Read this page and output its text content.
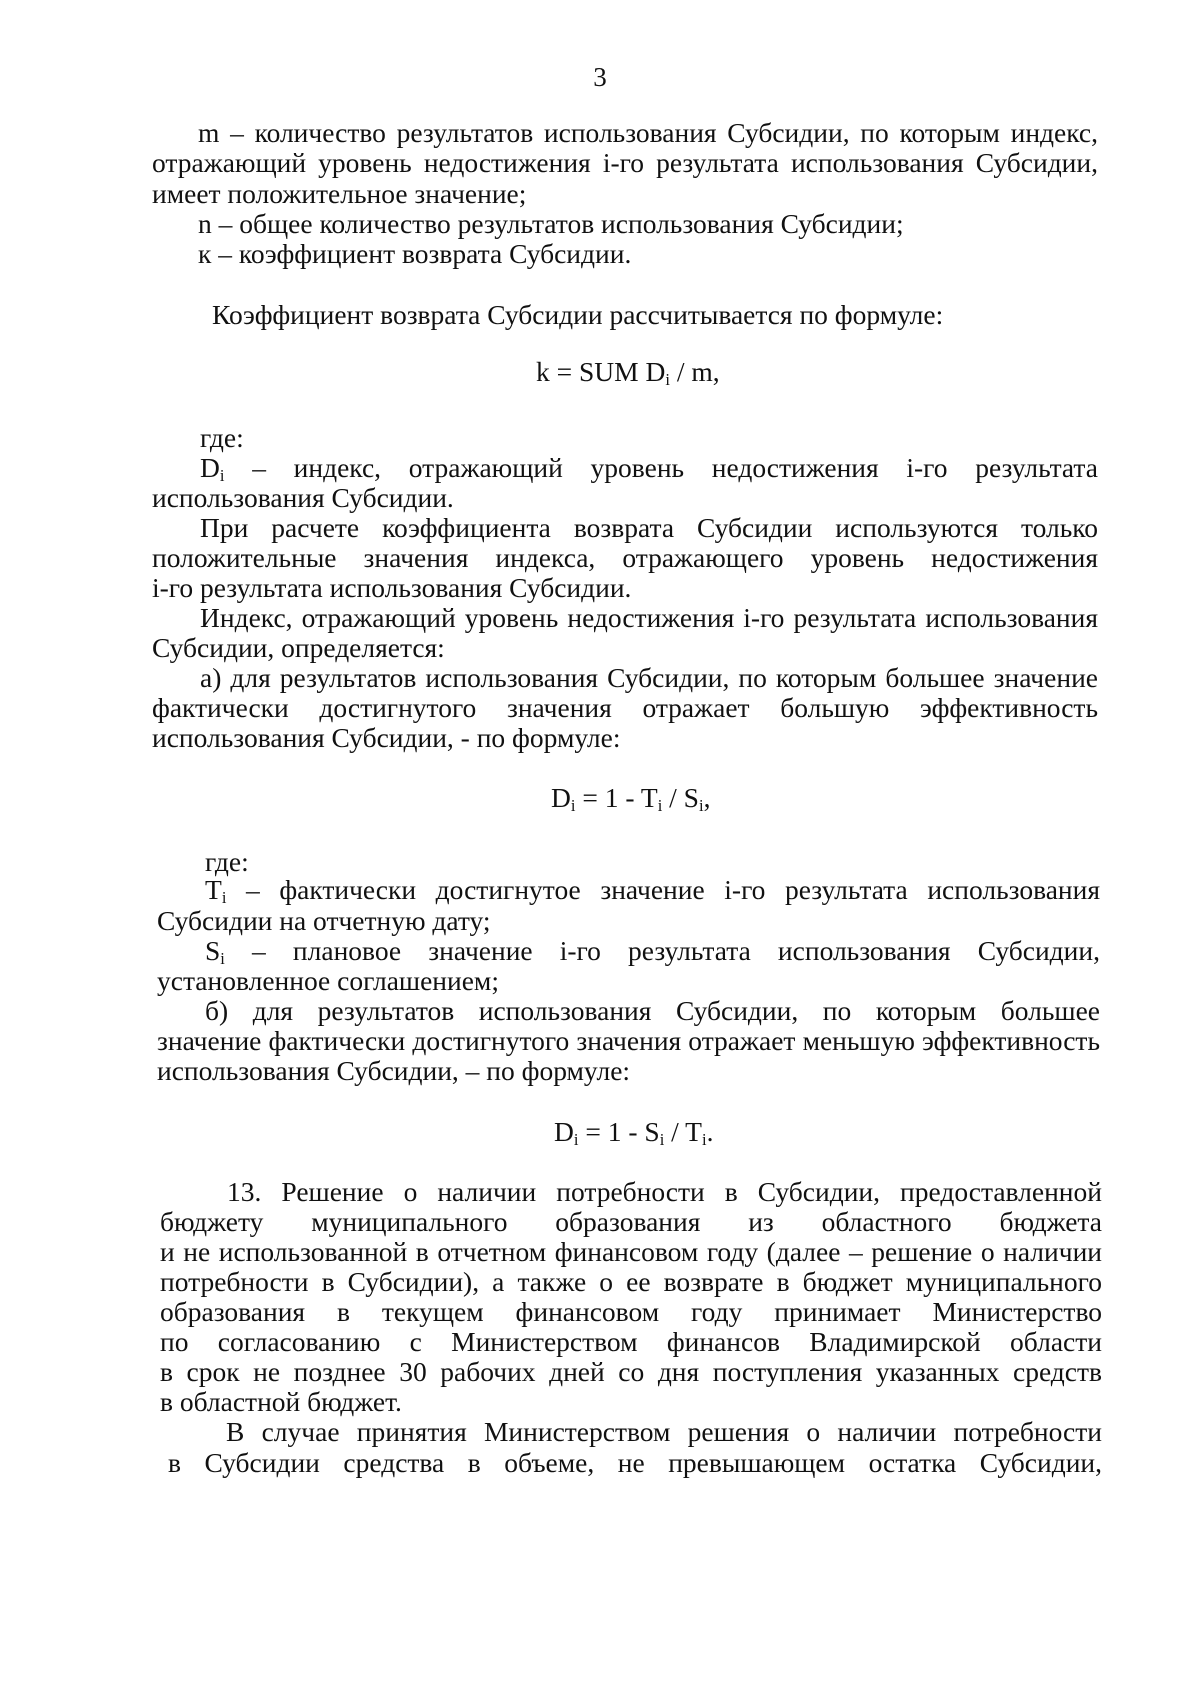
3
m – количество результатов использования Субсидии, по которым индекс,
отражающий уровень недостижения i-го результата использования Субсидии,
имеет положительное значение;
n – общее количество результатов использования Субсидии;
к – коэффициент возврата Субсидии.
Коэффициент возврата Субсидии рассчитывается по формуле:
k = SUM $D_i$ / m,
где:
$D_i$ – индекс, отражающий уровень недостижения i-го результата
использования Субсидии.
При расчете коэффициента возврата Субсидии используются только
положительные значения индекса, отражающего уровень недостижения
i-го результата использования Субсидии.
Индекс, отражающий уровень недостижения i-го результата использования
Субсидии, определяется:
а) для результатов использования Субсидии, по которым большее значение
фактически достигнутого значения отражает большую эффективность
использования Субсидии, - по формуле:
$D_i = 1 - T_i / S_i$,
где:
$T_i$ – фактически достигнутое значение i-го результата использования
Субсидии на отчетную дату;
$S_i$ – плановое значение i-го результата использования Субсидии,
установленное соглашением;
б) для результатов использования Субсидии, по которым большее
значение фактически достигнутого значения отражает меньшую эффективность
использования Субсидии, – по формуле:
$D_i = 1 - S_i / T_i$.
13. Решение о наличии потребности в Субсидии, предоставленной
бюджету муниципального образования из областного бюджета
и не использованной в отчетном финансовом году (далее – решение о наличии
потребности в Субсидии), а также о ее возврате в бюджет муниципального
образования в текущем финансовом году принимает Министерство
по согласованию с Министерством финансов Владимирской области
в срок не позднее 30 рабочих дней со дня поступления указанных средств
в областной бюджет.
В случае принятия Министерством решения о наличии потребности
в Субсидии средства в объеме, не превышающем остатка Субсидии,
